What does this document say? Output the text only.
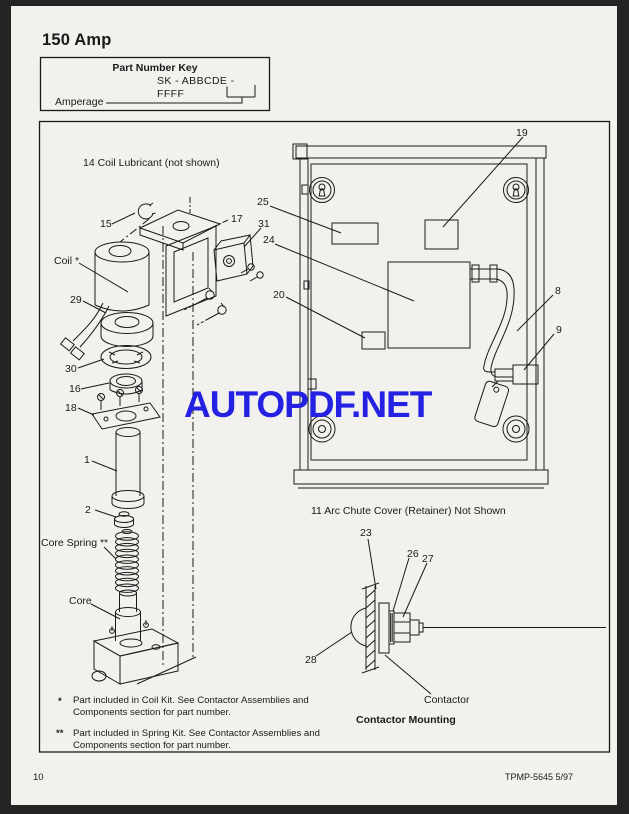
150 Amp
Part Number Key
SK - ABBCDE -
FFFF
Amperage
14 Coil Lubricant (not shown)
11 Arc Chute Cover (Retainer) Not Shown
15	17 31
25
24
20
19
8
9
29
30
16
18
1
2
23
26 27
28
Coil *
Core Spring **
Core
Contactor
Contactor Mounting
* Part included in Coil Kit. See Contactor Assemblies and Components section for part number.
** Part included in Spring Kit. See Contactor Assemblies and Components section for part number.
10	TPMP-5645 5/97
AUTOPDF.NET
